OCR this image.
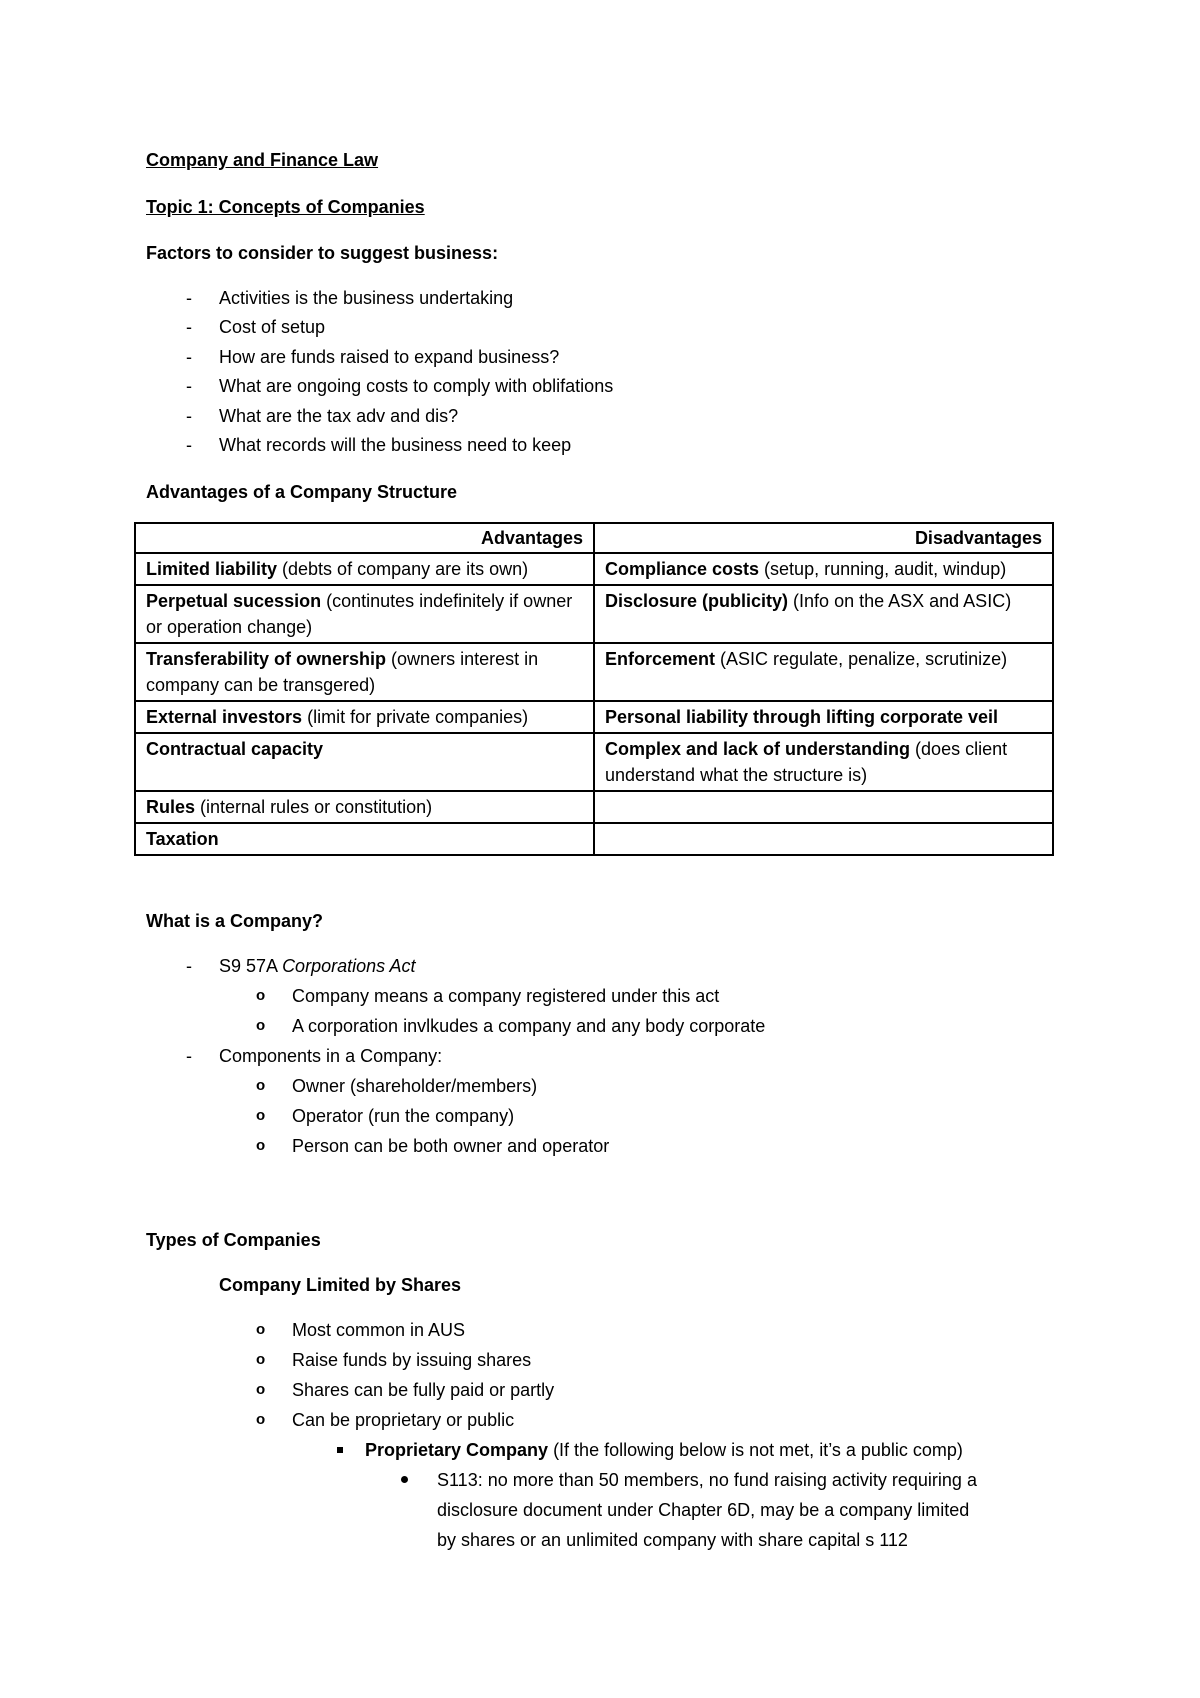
Company and Finance Law
Topic 1: Concepts of Companies
Factors to consider to suggest business:
- Activities is the business undertaking
- Cost of setup
- How are funds raised to expand business?
- What are ongoing costs to comply with oblifations
- What are the tax adv and dis?
- What records will the business need to keep
Advantages of a Company Structure
Advantages	Disadvantages
Limited liability (debts of company are its own)	Compliance costs (setup, running, audit, windup)
Perpetual sucession (continutes indefinitely if owner or operation change)	Disclosure (publicity) (Info on the ASX and ASIC)
Transferability of ownership (owners interest in company can be transgered)	Enforcement (ASIC regulate, penalize, scrutinize)
External investors (limit for private companies)	Personal liability through lifting corporate veil
Contractual capacity	Complex and lack of understanding (does client understand what the structure is)
Rules (internal rules or constitution)	
Taxation	
What is a Company?
- S9 57A Corporations Act
o Company means a company registered under this act
o A corporation invlkudes a company and any body corporate
- Components in a Company:
o Owner (shareholder/members)
o Operator (run the company)
o Person can be both owner and operator
Types of Companies
Company Limited by Shares
o Most common in AUS
o Raise funds by issuing shares
o Shares can be fully paid or partly
o Can be proprietary or public
Proprietary Company (If the following below is not met, it’s a public comp)
S113: no more than 50 members, no fund raising activity requiring a
disclosure document under Chapter 6D, may be a company limited
by shares or an unlimited company with share capital s 112
